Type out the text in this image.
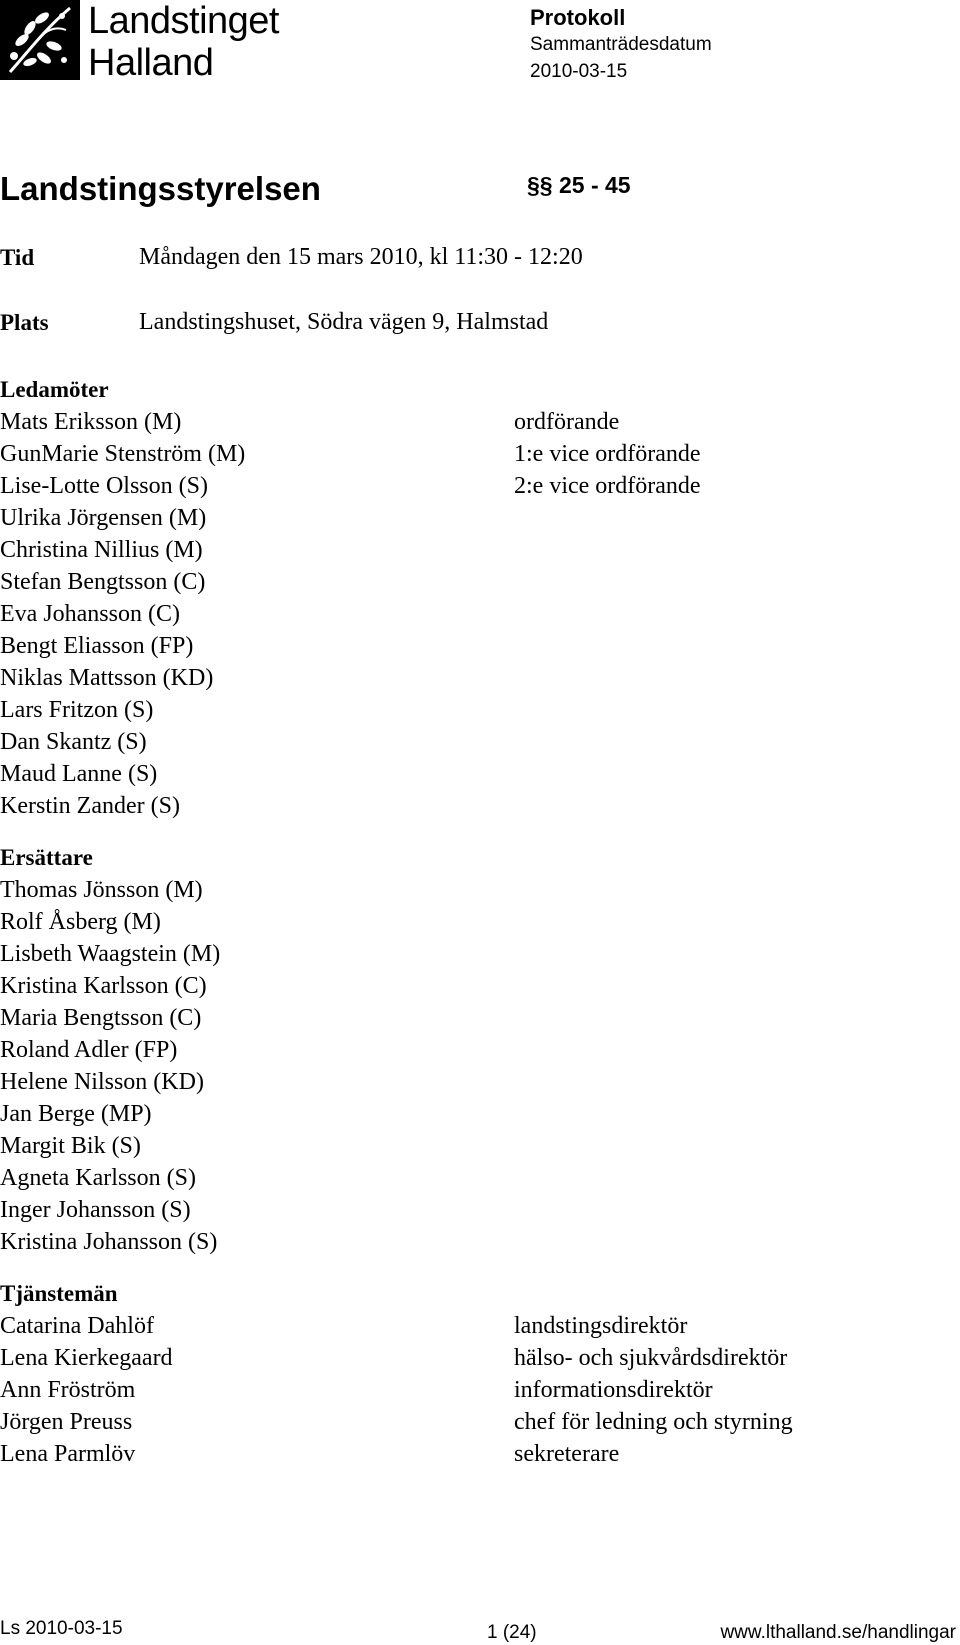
Landstinget
Halland
Protokoll
Sammanträdesdatum
2010-03-15
Landstingsstyrelsen	§§ 25 - 45
Tid	Måndagen den 15 mars 2010, kl 11:30 - 12:20
Plats	Landstingshuset, Södra vägen 9, Halmstad
Ledamöter
Mats Eriksson (M)	ordförande
GunMarie Stenström (M)	1:e vice ordförande
Lise-Lotte Olsson (S)	2:e vice ordförande
Ulrika Jörgensen (M)
Christina Nillius (M)
Stefan Bengtsson (C)
Eva Johansson (C)
Bengt Eliasson (FP)
Niklas Mattsson (KD)
Lars Fritzon (S)
Dan Skantz (S)
Maud Lanne (S)
Kerstin Zander (S)
Ersättare
Thomas Jönsson (M)
Rolf Åsberg (M)
Lisbeth Waagstein (M)
Kristina Karlsson (C)
Maria Bengtsson (C)
Roland Adler (FP)
Helene Nilsson (KD)
Jan Berge (MP)
Margit Bik (S)
Agneta Karlsson (S)
Inger Johansson (S)
Kristina Johansson (S)
Tjänstemän
Catarina Dahlöf	landstingsdirektör
Lena Kierkegaard	hälso- och sjukvårdsdirektör
Ann Fröström	informationsdirektör
Jörgen Preuss	chef för ledning och styrning
Lena Parmlöv	sekreterare
Ls 2010-03-15	1 (24)	www.lthalland.se/handlingar
